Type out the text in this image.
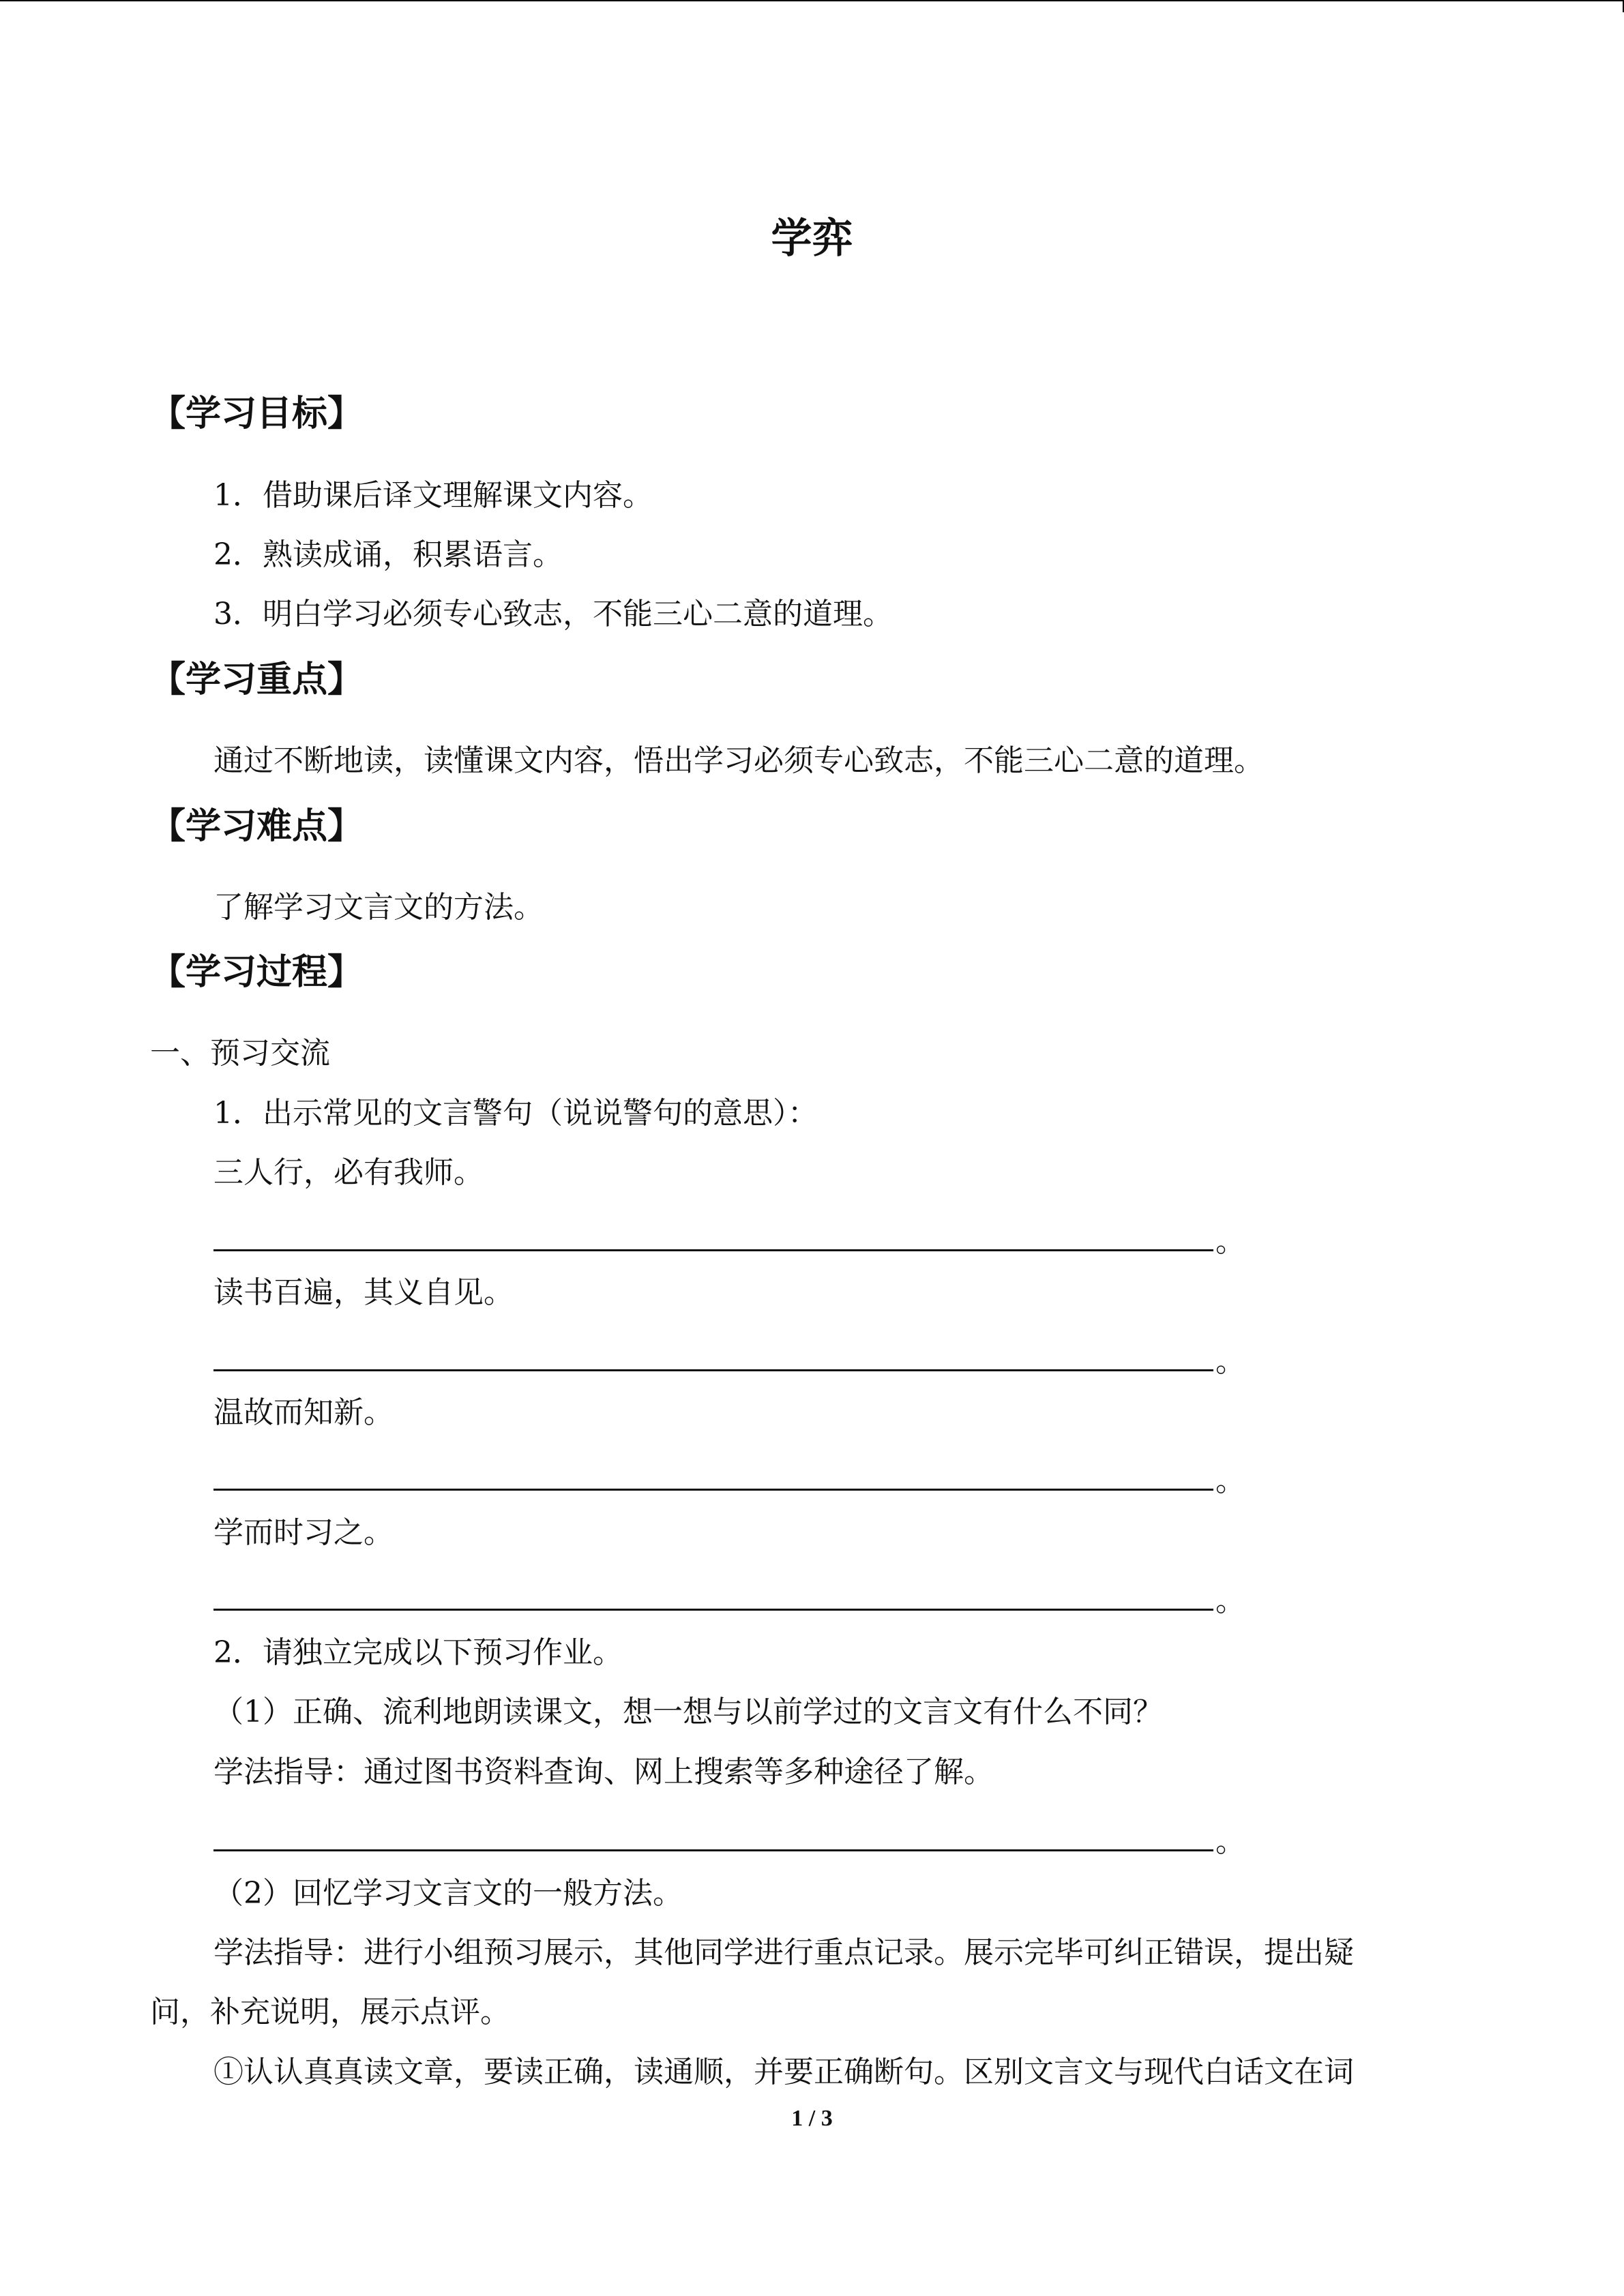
学弈
【学习目标】
1．借助课后译文理解课文内容。
2．熟读成诵，积累语言。
3．明白学习必须专心致志，不能三心二意的道理。
【学习重点】
通过不断地读，读懂课文内容，悟出学习必须专心致志，不能三心二意的道理。
【学习难点】
了解学习文言文的方法。
【学习过程】
一、预习交流
1．出示常见的文言警句（说说警句的意思）：
三人行，必有我师。
。
读书百遍，其义自见。
。
温故而知新。
。
学而时习之。
。
2．请独立完成以下预习作业。
（1）正确、流利地朗读课文，想一想与以前学过的文言文有什么不同？
学法指导：通过图书资料查询、网上搜索等多种途径了解。
。
（2）回忆学习文言文的一般方法。
学法指导：进行小组预习展示，其他同学进行重点记录。展示完毕可纠正错误，提出疑
问，补充说明，展示点评。
①认认真真读文章，要读正确，读通顺，并要正确断句。区别文言文与现代白话文在词
1 / 3
